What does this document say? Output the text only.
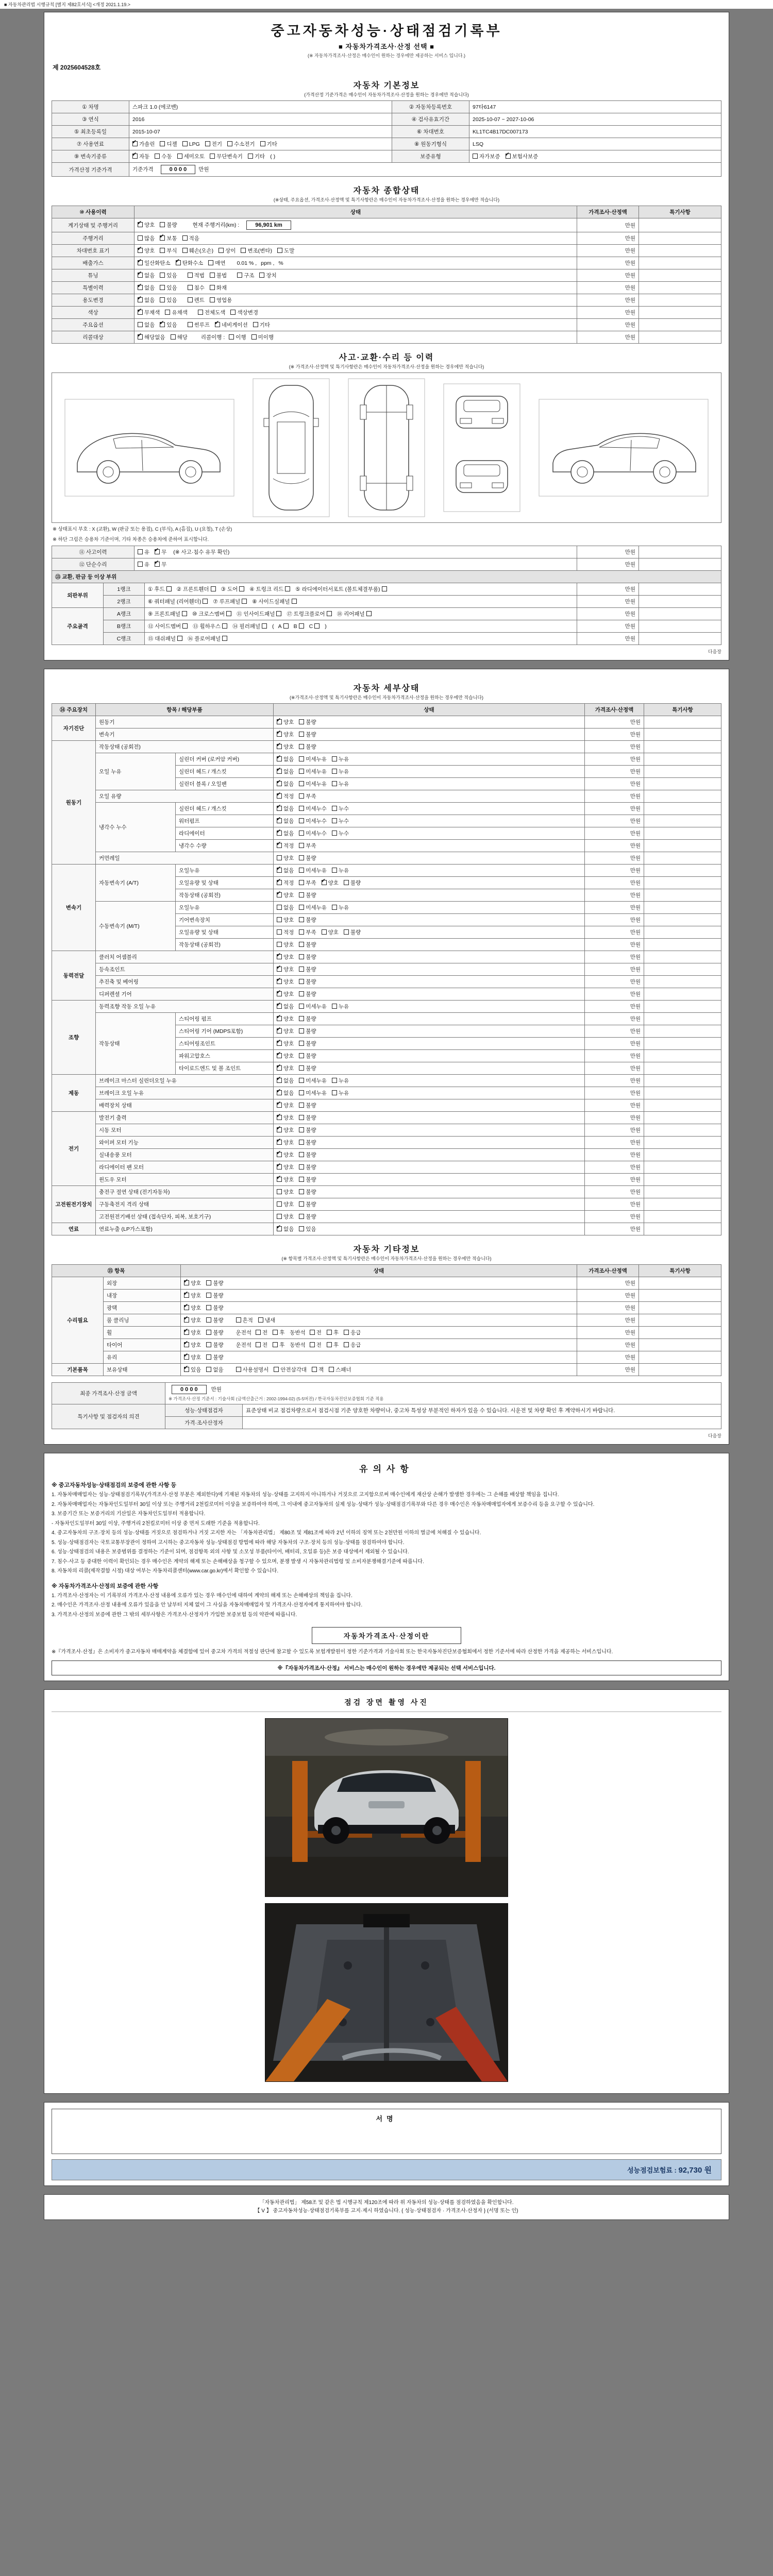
■ 자동차관리법 시행규칙 [별지 제82호서식] <개정 2021.1.19.>
중고자동차성능·상태점검기록부
■ 자동차가격조사·산정 선택 ■
(※ 자동차가격조사·산정은 매수인이 원하는 경우에만 제공하는 서비스 입니다.)
제 2025604528호
자동차 기본정보
(가격산정 기준가격은 매수인이 자동차가격조사·산정을 원하는 경우에만 적습니다)
① 차명	스파크 1.0 (에코밴)	② 자동차등록번호	97타6147
③ 연식	2016	④ 검사유효기간	2025-10-07 ~ 2027-10-06
⑤ 최초등록일	2015-10-07	⑥ 차대번호	KL1TC4B17DC007173
⑦ 사용연료	✔가솔린 디젤 LPG 전기 수소전기 기타	⑧ 원동기형식	LSQ
⑨ 변속기종류	✔자동 수동 세미오토 무단변속기 기타 ( )	보증유형	자가보증 ✔ 보험사보증
가격산정 기준가격	기준가격 0 0 0 0 만원		
자동차 종합상태
(※상태, 주요옵션, 가격조사·산정액 및 특기사항란은 매수인이 자동차가격조사·산정을 원하는 경우에만 적습니다)
⑩ 사용이력	상태	가격조사·산정액	특기사항
계기상태 및 주행거리	✔양호 불량 현재 주행거리(km) : 96,901 km	만원	
주행거리	많음 ✔ 보통 적음	만원	
차대번호 표기	✔양호 부식 훼손(오손) 상이 변조(변타) 도말	만원	
배출가스	✔일산화탄소 ✔ 탄화수소 매연 0.01 % , ppm , %	만원	
튜닝	✔없음 있음 적법 불법 구조 장치	만원	
특별이력	✔없음 있음 침수 화재	만원	
용도변경	✔없음 있음 렌트 영업용	만원	
색상	✔무채색 유채색 전체도색 색상변경	만원	
주요옵션	없음 ✔ 있음 썬루프 ✔ 네비게이션 기타	만원	
리콜대상	✔해당없음 해당 리콜이행 : 이행 미이행	만원	
사고·교환·수리 등 이력
(※ 가격조사·산정액 및 특기사항란은 매수인이 자동차가격조사·산정을 원하는 경우에만 적습니다)
※ 상태표시 부호 : X (교환), W (판금 또는 용접), C (부식), A (흠집), U (요철), T (손상)
※ 하단 그림은 승용차 기준이며, 기타 차종은 승용차에 준하여 표시합니다.
⑪ 사고이력	유 ✔ 무 (※ 사고·침수 유무 확인)	만원	
⑫ 단순수리	유 ✔ 무	만원	
⑬ 교환, 판금 등 이상 부위				
외판부위	1랭크	① 후드 ② 프론트휀더 ③ 도어 ④ 트렁크 리드 ⑤ 라디에이터서포트 (볼트체결부품)	만원	
	2랭크	⑥ 쿼터패널 (리어휀더) ⑦ 루프패널 ⑧ 사이드실패널	만원	
주요골격	A랭크	⑨ 프론트패널 ⑩ 크로스멤버 ⑪ 인사이드패널 ⑰ 트렁크플로어 ⑱ 리어패널	만원	
	B랭크	⑫ 사이드멤버 ⑬ 휠하우스 ⑭ 필러패널 ( A B C )	만원	
	C랭크	⑮ 대쉬패널 ⑯ 플로어패널	만원	
다음장
자동차 세부상태
(※가격조사·산정액 및 특기사항란은 매수인이 자동차가격조사·산정을 원하는 경우에만 적습니다)
⑭ 주요장치	항목 / 해당부품		상태	가격조사·산정액	특기사항
자기진단	원동기	✔양호 불량	만원	
	변속기	✔양호 불량	만원	
원동기	작동상태 (공회전)	✔양호 불량	만원	
	오일 누유	실린더 커버 (로커암 커버)	✔없음 미세누유 누유	만원	
		실린더 헤드 / 개스킷	✔없음 미세누유 누유	만원	
		실린더 블록 / 오일팬	✔없음 미세누유 누유	만원	
	오일 유량	✔적정 부족	만원	
	냉각수 누수	실린더 헤드 / 개스킷	✔없음 미세누수 누수	만원	
		워터펌프	✔없음 미세누수 누수	만원	
		라디에이터	✔없음 미세누수 누수	만원	
		냉각수 수량	✔적정 부족	만원	
	커먼레일		양호 불량	만원	
변속기	자동변속기 (A/T)	오일누유	✔없음 미세누유 누유	만원	
		오일유량 및 상태	✔적정 부족 ✔ 양호 불량	만원	
		작동상태 (공회전)	✔양호 불량	만원	
	수동변속기 (M/T)	오일누유	없음 미세누유 누유	만원	
		기어변속장치	양호 불량	만원	
		오일유량 및 상태	적정 부족 양호 불량	만원	
		작동상태 (공회전)	양호 불량	만원	
동력전달	클러치 어셈블리	✔양호 불량	만원	
	등속조인트	✔양호 불량	만원	
	추진축 및 베어링	✔양호 불량	만원	
	디퍼렌셜 기어	✔양호 불량	만원	
조향	동력조향 작동 오일 누유	✔없음 미세누유 누유	만원	
	작동상태	스티어링 펌프	✔양호 불량	만원	
		스티어링 기어 (MDPS포함)	✔양호 불량	만원	
		스티어링조인트	✔양호 불량	만원	
		파워고압호스	✔양호 불량	만원	
		타이로드엔드 및 볼 조인트	✔양호 불량	만원	
제동	브레이크 마스터 실린더오일 누유	✔없음 미세누유 누유	만원	
	브레이크 오일 누유	✔없음 미세누유 누유	만원	
	배력장치 상태	✔양호 불량	만원	
전기	발전기 출력	✔양호 불량	만원	
	시동 모터	✔양호 불량	만원	
	와이퍼 모터 기능	✔양호 불량	만원	
	실내송풍 모터	✔양호 불량	만원	
	라디에이터 팬 모터	✔양호 불량	만원	
	윈도우 모터	✔양호 불량	만원	
고전원전기장치	충전구 절연 상태 (전기자동차)		양호 불량	만원	
	구동축전지 격리 상태		양호 불량	만원	
	고전원전기배선 상태 (접속단자, 피복, 보호기구)		양호 불량	만원	
연료	연료누출 (LP가스포함)	✔없음 있음	만원	
자동차 기타정보
(※ 항목별 가격조사·산정액 및 특기사항란은 매수인이 자동차가격조사·산정을 원하는 경우에만 적습니다)
⑮ 항목		상태	가격조사·산정액	특기사항
수리필요	외장	✔양호 불량	만원	
	내장	✔양호 불량	만원	
	광택	✔양호 불량	만원	
	룸 클리닝	✔양호 불량 흔적 냄새	만원	
	휠	✔양호 불량 운전석 전 후 동반석 전 후 응급	만원	
	타이어	✔양호 불량 운전석 전 후 동반석 전 후 응급	만원	
	유리	✔양호 불량	만원	
기본품목	보유상태	✔있음 없음 사용설명서 안전삼각대 잭 스패너	만원	
최종 가격조사·산정 금액	0 0 0 0 만원
※ 가격조사·산정 기준서 : 기술사회 (금액산출근거 : 2002-1994-02) (5-5버전) / 한국자동차진단보증협회 기준 적용
특기사항 및 점검자의 의견	성능·상태점검자	표준상태 비교 점검차량으로서 점검시점 기준 양호한 차량이나, 중고차 특성상 부분적인 하자가 있을 수 있습니다. 시운전 및 차량 확인 후 계약하시기 바랍니다.
	가격·조사산정자	
다음장
유의사항
※ 중고자동차성능·상태점검의 보증에 관한 사항 등

1. 자동차매매업자는 성능·상태점검기록부(가격조사·산정 부분은 제외한다)에 기재된 자동차의 성능·상태를 고지하지 아니하거나 거짓으로 고지함으로써 매수인에게 재산상 손해가 발생한 경우에는 그 손해를 배상할 책임을 집니다.

2. 자동차매매업자는 자동차인도일부터 30일 이상 또는 주행거리 2천킬로미터 이상을 보증하여야 하며, 그 이내에 중고자동차의 실제 성능·상태가 성능·상태점검기록부와 다른 경우 매수인은 자동차매매업자에게 보증수리 등을 요구할 수 있습니다.

3. 보증기간 또는 보증거리의 기산일은 자동차인도일부터 적용합니다.

- 자동차인도일부터 30일 이상, 주행거리 2천킬로미터 이상 중 먼저 도래한 기준을 적용합니다.

4. 중고자동차의 구조·장치 등의 성능·상태를 거짓으로 점검하거나 거짓 고지한 자는 「자동차관리법」 제80조 및 제81조에 따라 2년 이하의 징역 또는 2천만원 이하의 벌금에 처해질 수 있습니다.

5. 성능·상태점검자는 국토교통부장관이 정하여 고시하는 중고자동차 성능·상태점검 방법에 따라 해당 자동차의 구조·장치 등의 성능·상태를 점검하여야 합니다.

6. 성능·상태점검의 내용은 보증범위를 결정하는 기준이 되며, 점검항목 외의 사항 및 소모성 부품(타이어, 배터리, 오일류 등)은 보증 대상에서 제외될 수 있습니다.

7. 침수·사고 등 중대한 이력이 확인되는 경우 매수인은 계약의 해제 또는 손해배상을 청구할 수 있으며, 분쟁 발생 시 자동차관리법령 및 소비자분쟁해결기준에 따릅니다.

8. 자동차의 리콜(제작결함 시정) 대상 여부는 자동차리콜센터(www.car.go.kr)에서 확인할 수 있습니다.

※ 자동차가격조사·산정의 보증에 관한 사항

1. 가격조사·산정자는 이 기록부의 가격조사·산정 내용에 오류가 있는 경우 매수인에 대하여 계약의 해제 또는 손해배상의 책임을 집니다.

2. 매수인은 가격조사·산정 내용에 오류가 있음을 안 날부터 지체 없이 그 사실을 자동차매매업자 및 가격조사·산정자에게 통지하여야 합니다.

3. 가격조사·산정의 보증에 관한 그 밖의 세부사항은 가격조사·산정자가 가입한 보증보험 등의 약관에 따릅니다.

자동차가격조사·산정이란
※『가격조사·산정』은 소비자가 중고자동차 매매계약을 체결함에 있어 중고차 가격의 적절성 판단에 참고할 수 있도록 보험개발원이 정한 기준가격과 기술사회 또는 한국자동차진단보증협회에서 정한 기준서에 따라 산정한 가격을 제공하는 서비스입니다.
※『자동차가격조사·산정』 서비스는 매수인이 원하는 경우에만 제공되는 선택 서비스입니다.
점검 장면 촬영 사진
서명
성능점검보험료 : 92,730 원
「자동차관리법」 제58조 및 같은 법 시행규칙 제120조에 따라 위 자동차의 성능·상태를 점검하였음을 확인합니다.
【 V 】 중고자동차성능·상태점검기록부를 고지·제시 하였습니다. { 성능·상태점검자 · 가격조사·산정자 } (서명 또는 인)
